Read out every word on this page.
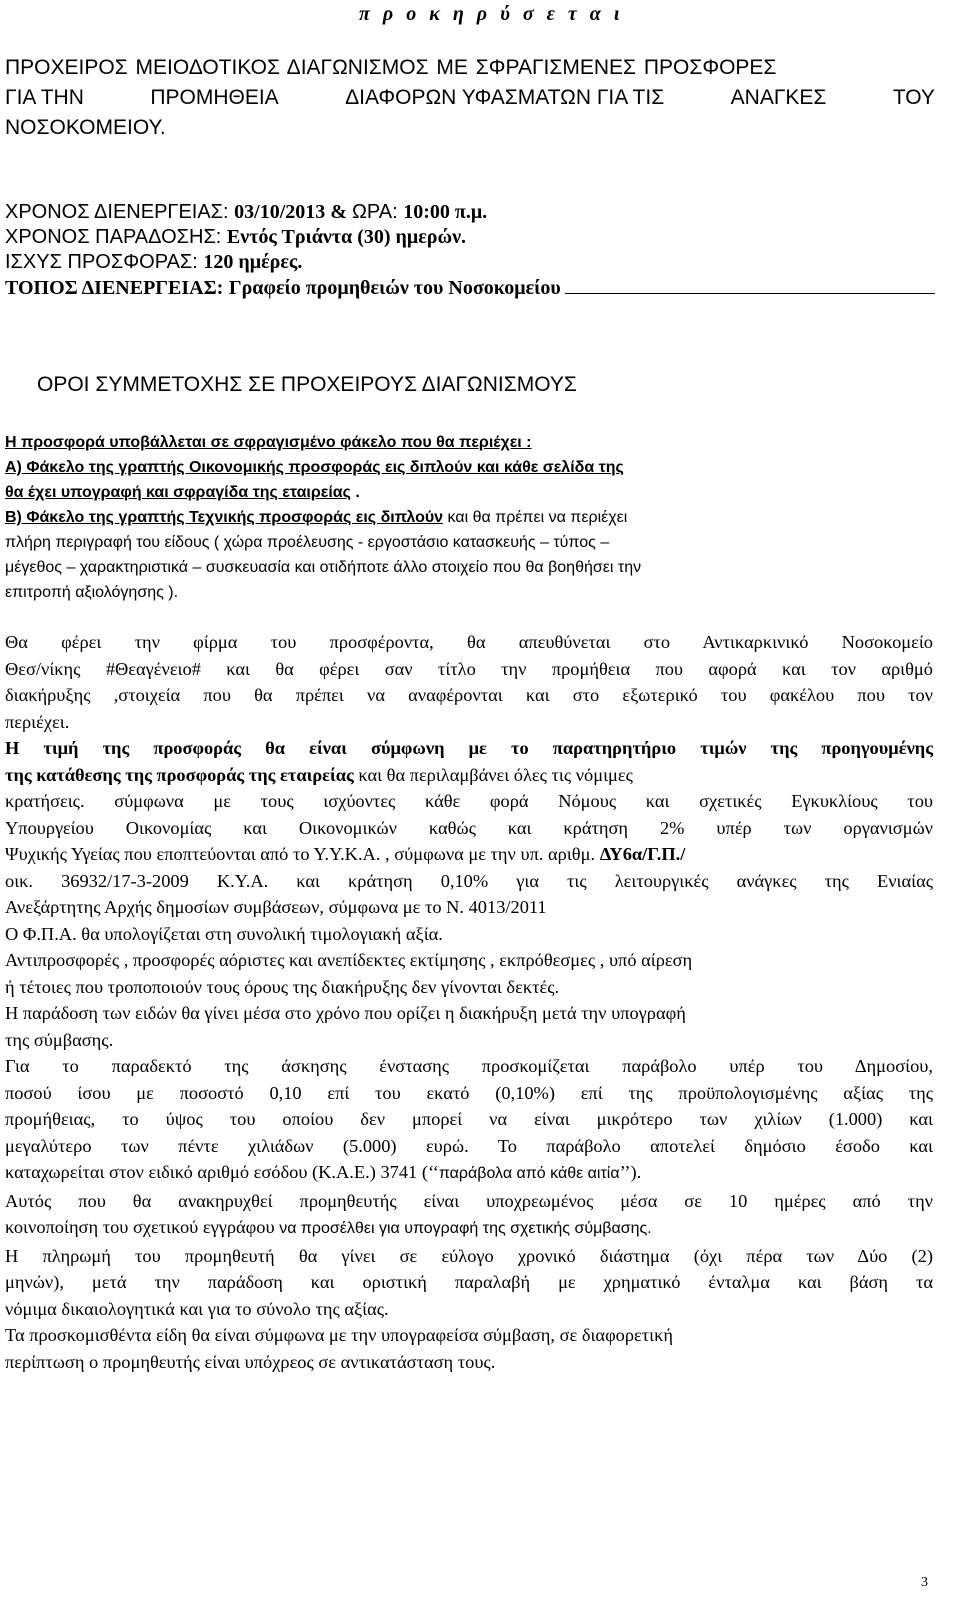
π ρ ο κ η ρ ύ σ ε τ α ι
ΠΡΟΧΕΙΡΟΣ ΜΕΙΟΔΟΤΙΚΟΣ ΔΙΑΓΩΝΙΣΜΟΣ ΜΕ ΣΦΡΑΓΙΣΜΕΝΕΣ ΠΡΟΣΦΟΡΕΣ
ΓΙΑ ΤΗΝ	ΠΡΟΜΗΘΕΙΑ	ΔΙΑΦΟΡΩΝ ΥΦΑΣΜΑΤΩΝ ΓΙΑ ΤΙΣ	ΑΝΑΓΚΕΣ	ΤΟΥ
ΝΟΣΟΚΟΜΕΙΟΥ.
ΧΡΟΝΟΣ ΔΙΕΝΕΡΓΕΙΑΣ: 03/10/2013 & ΩΡΑ: 10:00 π.μ.
ΧΡΟΝΟΣ ΠΑΡΑΔΟΣΗΣ: Εντός Τριάντα (30) ημερών.
ΙΣΧΥΣ ΠΡΟΣΦΟΡΑΣ: 120 ημέρες.
ΤΟΠΟΣ ΔΙΕΝΕΡΓΕΙΑΣ:
Γραφείο προμηθειών του Νοσοκομείου
ΟΡΟΙ ΣΥΜΜΕΤΟΧΗΣ ΣΕ ΠΡΟΧΕΙΡΟΥΣ ΔΙΑΓΩΝΙΣΜΟΥΣ
Η προσφορά υποβάλλεται σε σφραγισμένο φάκελο που θα περιέχει :
Α) Φάκελο της γραπτής Οικονομικής προσφοράς εις διπλούν και κάθε σελίδα της
θα έχει υπογραφή και σφραγίδα της εταιρείας .
Β) Φάκελο της γραπτής Τεχνικής προσφοράς εις διπλούν και θα πρέπει να περιέχει
πλήρη περιγραφή του είδους ( χώρα προέλευσης - εργοστάσιο κατασκευής – τύπος –
μέγεθος – χαρακτηριστικά – συσκευασία και οτιδήποτε άλλο στοιχείο που θα βοηθήσει την
επιτροπή αξιολόγησης ).
Θα φέρει την φίρμα του προσφέροντα, θα απευθύνεται στο Αντικαρκινικό Νοσοκομείο
Θεσ/νίκης #Θεαγένειο# και θα φέρει σαν τίτλο την προμήθεια που αφορά και τον αριθμό
διακήρυξης ,στοιχεία που θα πρέπει να αναφέρονται και στο εξωτερικό του φακέλου που τον
περιέχει.
Η τιμή της προσφοράς θα είναι σύμφωνη με το παρατηρητήριο τιμών της προηγουμένης
της κατάθεσης της προσφοράς της εταιρείας και θα περιλαμβάνει όλες τις νόμιμες
κρατήσεις. σύμφωνα με τους ισχύοντες κάθε φορά Νόμους και σχετικές Εγκυκλίους του
Υπουργείου Οικονομίας και Οικονομικών καθώς και κράτηση 2% υπέρ των οργανισμών
Ψυχικής Υγείας που εποπτεύονται από το Υ.Υ.Κ.Α. , σύμφωνα με την υπ. αριθμ. ΔΥ6α/Γ.Π./
οικ. 36932/17-3-2009 Κ.Υ.Α. και κράτηση 0,10% για τις λειτουργικές ανάγκες της Ενιαίας
Ανεξάρτητης Αρχής δημοσίων συμβάσεων, σύμφωνα με το Ν. 4013/2011
Ο Φ.Π.Α. θα υπολογίζεται στη συνολική τιμολογιακή αξία.
Αντιπροσφορές , προσφορές αόριστες και ανεπίδεκτες εκτίμησης , εκπρόθεσμες , υπό αίρεση
ή τέτοιες που τροποποιούν τους όρους της διακήρυξης δεν γίνονται δεκτές.
Η παράδοση των ειδών θα γίνει μέσα στο χρόνο που ορίζει η διακήρυξη μετά την υπογραφή
της σύμβασης.
Για το παραδεκτό της άσκησης ένστασης προσκομίζεται παράβολο υπέρ του Δημοσίου,
ποσού ίσου με ποσοστό 0,10 επί του εκατό (0,10%) επί της προϋπολογισμένης αξίας της
προμήθειας, το ύψος του οποίου δεν μπορεί να είναι μικρότερο των χιλίων (1.000) και
μεγαλύτερο των πέντε χιλιάδων (5.000) ευρώ. Το παράβολο αποτελεί δημόσιο έσοδο και
καταχωρείται στον ειδικό αριθμό εσόδου (Κ.Α.Ε.) 3741 (‘‘παράβολα από κάθε αιτία’’).
Αυτός που θα ανακηρυχθεί προμηθευτής είναι υποχρεωμένος μέσα σε 10 ημέρες από την
κοινοποίηση του σχετικού εγγράφου να προσέλθει για υπογραφή της σχετικής σύμβασης.
Η πληρωμή του προμηθευτή θα γίνει σε εύλογο χρονικό διάστημα (όχι πέρα των Δύο (2)
μηνών), μετά την παράδοση και οριστική παραλαβή με χρηματικό ένταλμα και βάση τα
νόμιμα δικαιολογητικά και για το σύνολο της αξίας.
Τα προσκομισθέντα είδη θα είναι σύμφωνα με την υπογραφείσα σύμβαση, σε διαφορετική
περίπτωση ο προμηθευτής είναι υπόχρεος σε αντικατάσταση τους.
3
